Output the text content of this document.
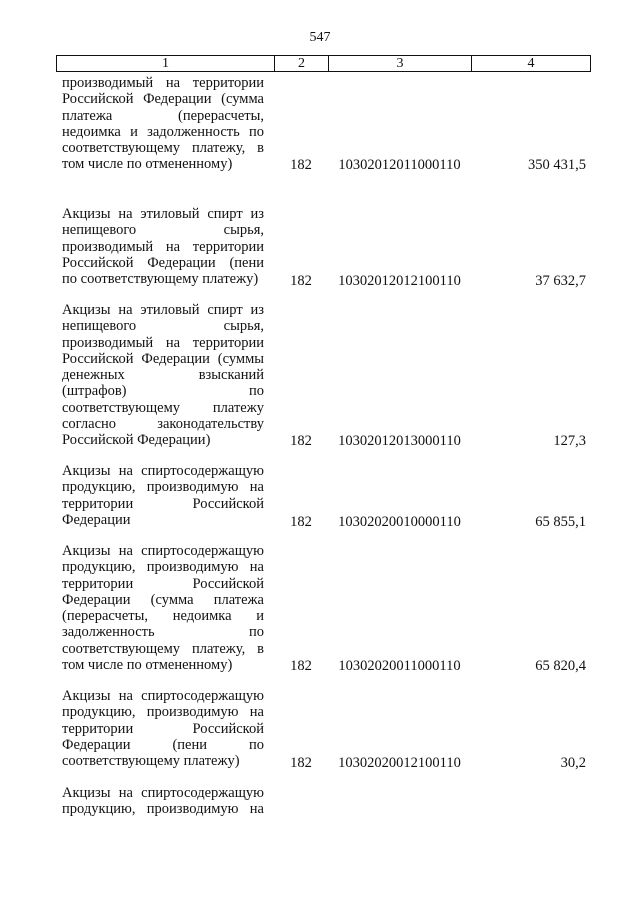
547
1	2	3	4
производимый на территории
Российской Федерации (сумма
платежа (перерасчеты,
недоимка и задолженность по
соответствующему платежу, в
том числе по отмененному)	182	10302012011000110	350 431,5
Акцизы на этиловый спирт из
непищевого сырья,
производимый на территории
Российской Федерации (пени
по соответствующему платежу)	182	10302012012100110	37 632,7
Акцизы на этиловый спирт из
непищевого сырья,
производимый на территории
Российской Федерации (суммы
денежных взысканий
(штрафов) по
соответствующему платежу
согласно законодательству
Российской Федерации)	182	10302012013000110	127,3
Акцизы на спиртосодержащую
продукцию, производимую на
территории Российской
Федерации	182	10302020010000110	65 855,1
Акцизы на спиртосодержащую
продукцию, производимую на
территории Российской
Федерации (сумма платежа
(перерасчеты, недоимка и
задолженность по
соответствующему платежу, в
том числе по отмененному)	182	10302020011000110	65 820,4
Акцизы на спиртосодержащую
продукцию, производимую на
территории Российской
Федерации (пени по
соответствующему платежу)	182	10302020012100110	30,2
Акцизы на спиртосодержащую
продукцию, производимую на
